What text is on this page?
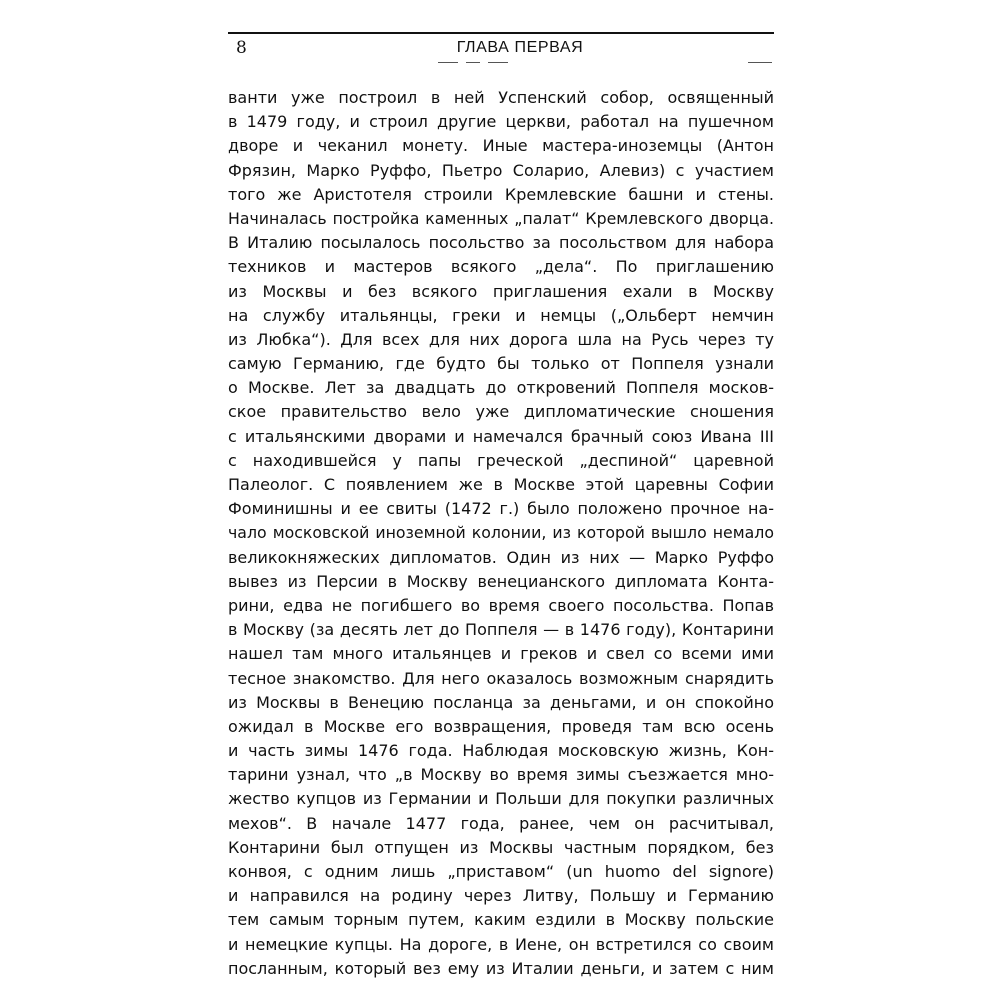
8	ГЛАВА ПЕРВАЯ
ванти уже построил в ней Успенский собор, освященный
в 1479 году, и строил другие церкви, работал на пушечном
дворе и чеканил монету. Иные мастера-иноземцы (Антон
Фрязин, Марко Руффо, Пьетро Соларио, Алевиз) с участием
того же Аристотеля строили Кремлевские башни и стены.
Начиналась постройка каменных „палат“ Кремлевского дворца.
В Италию посылалось посольство за посольством для набора
техников и мастеров всякого „дела“. По приглашению
из Москвы и без всякого приглашения ехали в Москву
на службу итальянцы, греки и немцы („Ольберт немчин
из Любка“). Для всех для них дорога шла на Русь через ту
самую Германию, где будто бы только от Поппеля узнали
о Москве. Лет за двадцать до откровений Поппеля москов-
ское правительство вело уже дипломатические сношения
с итальянскими дворами и намечался брачный союз Ивана III
с находившейся у папы греческой „деспиной“ царевной
Палеолог. С появлением же в Москве этой царевны Софии
Фоминишны и ее свиты (1472 г.) было положено прочное на-
чало московской иноземной колонии, из которой вышло немало
великокняжеских дипломатов. Один из них — Марко Руффо
вывез из Персии в Москву венецианского дипломата Конта-
рини, едва не погибшего во время своего посольства. Попав
в Москву (за десять лет до Поппеля — в 1476 году), Контарини
нашел там много итальянцев и греков и свел со всеми ими
тесное знакомство. Для него оказалось возможным снарядить
из Москвы в Венецию посланца за деньгами, и он спокойно
ожидал в Москве его возвращения, проведя там всю осень
и часть зимы 1476 года. Наблюдая московскую жизнь, Кон-
тарини узнал, что „в Москву во время зимы съезжается мно-
жество купцов из Германии и Польши для покупки различных
мехов“. В начале 1477 года, ранее, чем он расчитывал,
Контарини был отпущен из Москвы частным порядком, без
конвоя, с одним лишь „приставом“ (un huomo del signore)
и направился на родину через Литву, Польшу и Германию
тем самым торным путем, каким ездили в Москву польские
и немецкие купцы. На дороге, в Иене, он встретился со своим
посланным, который вез ему из Италии деньги, и затем с ним
